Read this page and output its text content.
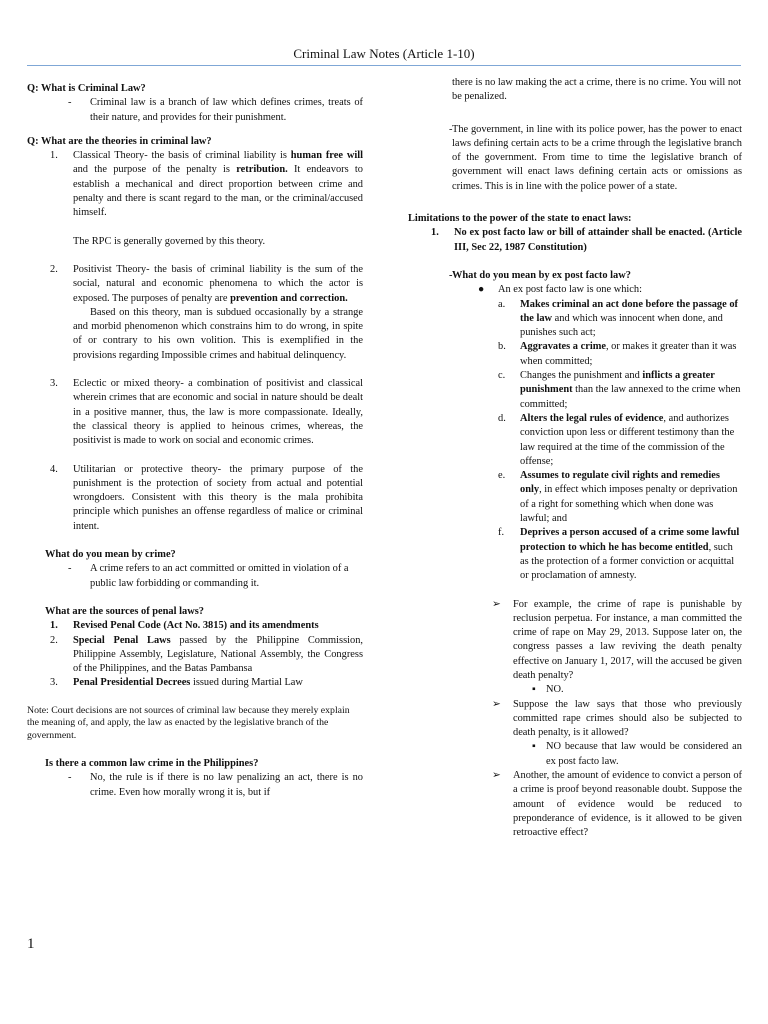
Criminal Law Notes (Article 1-10)

Q: What is Criminal Law?

- Criminal law is a branch of law which defines crimes, treats of their nature, and provides for their punishment.

Q: What are the theories in criminal law?

1. Classical Theory- the basis of criminal liability is human free will and the purpose of the penalty is retribution. It endeavors to establish a mechanical and direct proportion between crime and penalty and there is scant regard to the man, or the criminal/accused himself.

The RPC is generally governed by this theory.

2. Positivist Theory- the basis of criminal liability is the sum of the social, natural and economic phenomena to which the actor is exposed. The purposes of penalty are prevention and correction.

Based on this theory, man is subdued occasionally by a strange and morbid phenomenon which constrains him to do wrong, in spite of or contrary to his own volition. This is exemplified in the provisions regarding Impossible crimes and habitual delinquency.

3. Eclectic or mixed theory- a combination of positivist and classical wherein crimes that are economic and social in nature should be dealt in a positive manner, thus, the law is more compassionate. Ideally, the classical theory is applied to heinous crimes, whereas, the positivist is made to work on social and economic crimes.

4. Utilitarian or protective theory- the primary purpose of the punishment is the protection of society from actual and potential wrongdoers. Consistent with this theory is the mala prohibita principle which punishes an offense regardless of malice or criminal intent.

What do you mean by crime?

- A crime refers to an act committed or omitted in violation of a public law forbidding or commanding it.

What are the sources of penal laws?

1. Revised Penal Code (Act No. 3815) and its amendments

2. Special Penal Laws passed by the Philippine Commission, Philippine Assembly, Legislature, National Assembly, the Congress of the Philippines, and the Batas Pambansa

3. Penal Presidential Decrees issued during Martial Law

Note: Court decisions are not sources of criminal law because they merely explain the meaning of, and apply, the law as enacted by the legislative branch of the government.

Is there a common law crime in the Philippines?

- No, the rule is if there is no law penalizing an act, there is no crime. Even how morally wrong it is, but if

there is no law making the act a crime, there is no crime. You will not be penalized.

- The government, in line with its police power, has the power to enact laws defining certain acts to be a crime through the legislative branch of the government. From time to time the legislative branch of government will enact laws defining certain acts or omissions as crimes. This is in line with the police power of a state.

Limitations to the power of the state to enact laws:

1. No ex post facto law or bill of attainder shall be enacted. (Article III, Sec 22, 1987 Constitution)

- What do you mean by ex post facto law?

● An ex post facto law is one which:

a. Makes criminal an act done before the passage of the law and which was innocent when done, and punishes such act;

b. Aggravates a crime, or makes it greater than it was when committed;

c. Changes the punishment and inflicts a greater punishment than the law annexed to the crime when committed;

d. Alters the legal rules of evidence, and authorizes conviction upon less or different testimony than the law required at the time of the commission of the offense;

e. Assumes to regulate civil rights and remedies only, in effect which imposes penalty or deprivation of a right for something which when done was lawful; and

f. Deprives a person accused of a crime some lawful protection to which he has become entitled, such as the protection of a former conviction or acquittal or proclamation of amnesty.

➢ For example, the crime of rape is punishable by reclusion perpetua. For instance, a man committed the crime of rape on May 29, 2013. Suppose later on, the congress passes a law reviving the death penalty effective on January 1, 2017, will the accused be given death penalty?

▪ NO.

➢ Suppose the law says that those who previously committed rape crimes should also be subjected to death penalty, is it allowed?

▪ NO because that law would be considered an ex post facto law.

➢ Another, the amount of evidence to convict a person of a crime is proof beyond reasonable doubt. Suppose the amount of evidence would be reduced to preponderance of evidence, is it allowed to be given retroactive effect?

1
